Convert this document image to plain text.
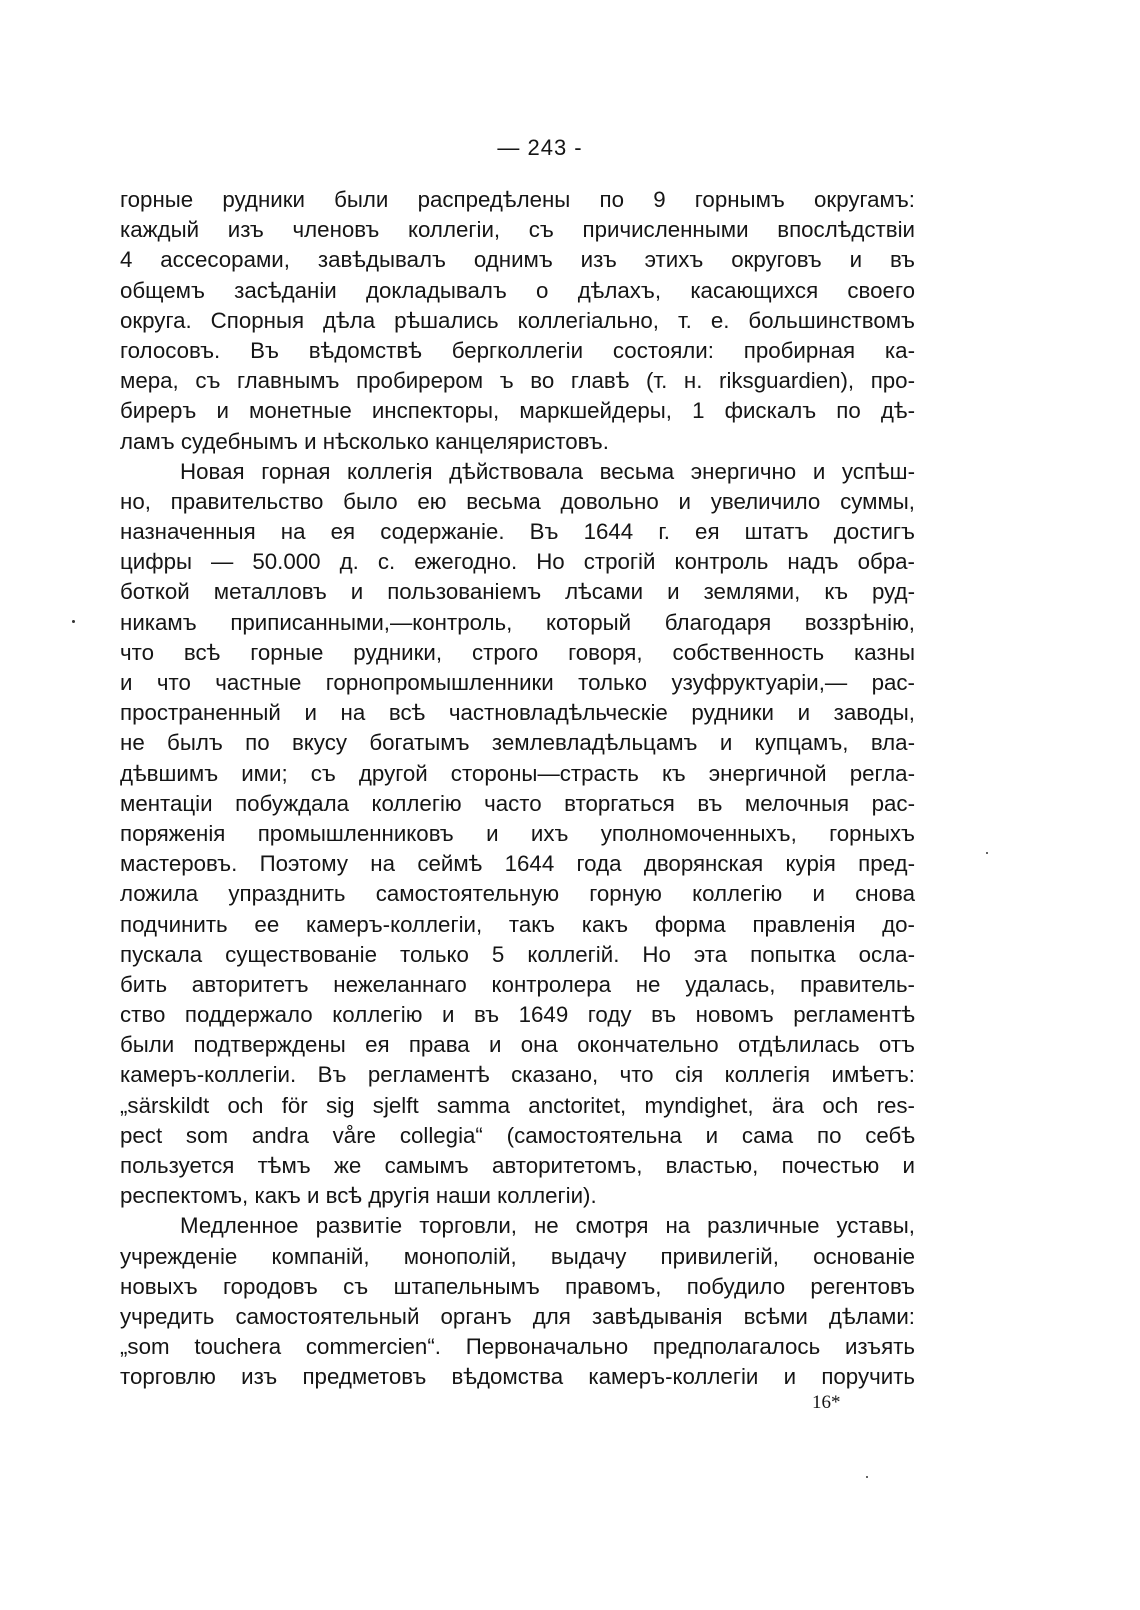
— 243 -
горные рудники были распредѣлены по 9 горнымъ округамъ:
каждый изъ членовъ коллегіи, съ причисленными впослѣдствіи
4 ассесорами, завѣдывалъ однимъ изъ этихъ округовъ и въ
общемъ засѣданіи докладывалъ о дѣлахъ, касающихся своего
округа. Спорныя дѣла рѣшались коллегіально, т. е. большинствомъ
голосовъ. Въ вѣдомствѣ бергколлегіи состояли: пробирная ка-
мера, съ главнымъ пробирером ъ во главѣ (т. н. riksguardien), про-
биреръ и монетные инспекторы, маркшейдеры, 1 фискалъ по дѣ-
ламъ судебнымъ и нѣсколько канцеляристовъ.
Новая горная коллегія дѣйствовала весьма энергично и успѣш-
но, правительство было ею весьма довольно и увеличило суммы,
назначенныя на ея содержаніе. Въ 1644 г. ея штатъ достигъ
цифры — 50.000 д. с. ежегодно. Но строгій контроль надъ обра-
боткой металловъ и пользованіемъ лѣсами и землями, къ руд-
никамъ приписанными,—контроль, который благодаря воззрѣнію,
что всѣ горные рудники, строго говоря, собственность казны
и что частные горнопромышленники только узуфруктуаріи,— рас-
пространенный и на всѣ частновладѣльческіе рудники и заводы,
не былъ по вкусу богатымъ землевладѣльцамъ и купцамъ, вла-
дѣвшимъ ими; съ другой стороны—страсть къ энергичной регла-
ментаціи побуждала коллегію часто вторгаться въ мелочныя рас-
поряженія промышленниковъ и ихъ уполномоченныхъ, горныхъ
мастеровъ. Поэтому на сеймѣ 1644 года дворянская курія пред-
ложила упразднить самостоятельную горную коллегію и снова
подчинить ее камеръ-коллегіи, такъ какъ форма правленія до-
пускала существованіе только 5 коллегій. Но эта попытка осла-
бить авторитетъ нежеланнаго контролера не удалась, правитель-
ство поддержало коллегію и въ 1649 году въ новомъ регламентѣ
были подтверждены ея права и она окончательно отдѣлилась отъ
камеръ-коллегіи. Въ регламентѣ сказано, что сія коллегія имѣетъ:
„särskildt och för sig sjelft samma anctoritet, myndighet, ära och res-
pect som andra våre collegia“ (самостоятельна и сама по себѣ
пользуется тѣмъ же самымъ авторитетомъ, властью, почестью и
респектомъ, какъ и всѣ другія наши коллегіи).
Медленное развитіе торговли, не смотря на различные уставы,
учрежденіе компаній, монополій, выдачу привилегій, основаніе
новыхъ городовъ съ штапельнымъ правомъ, побудило регентовъ
учредить самостоятельный органъ для завѣдыванія всѣми дѣлами:
„som touchera commercien“. Первоначально предполагалось изъять
торговлю изъ предметовъ вѣдомства камеръ-коллегіи и поручить
16*
